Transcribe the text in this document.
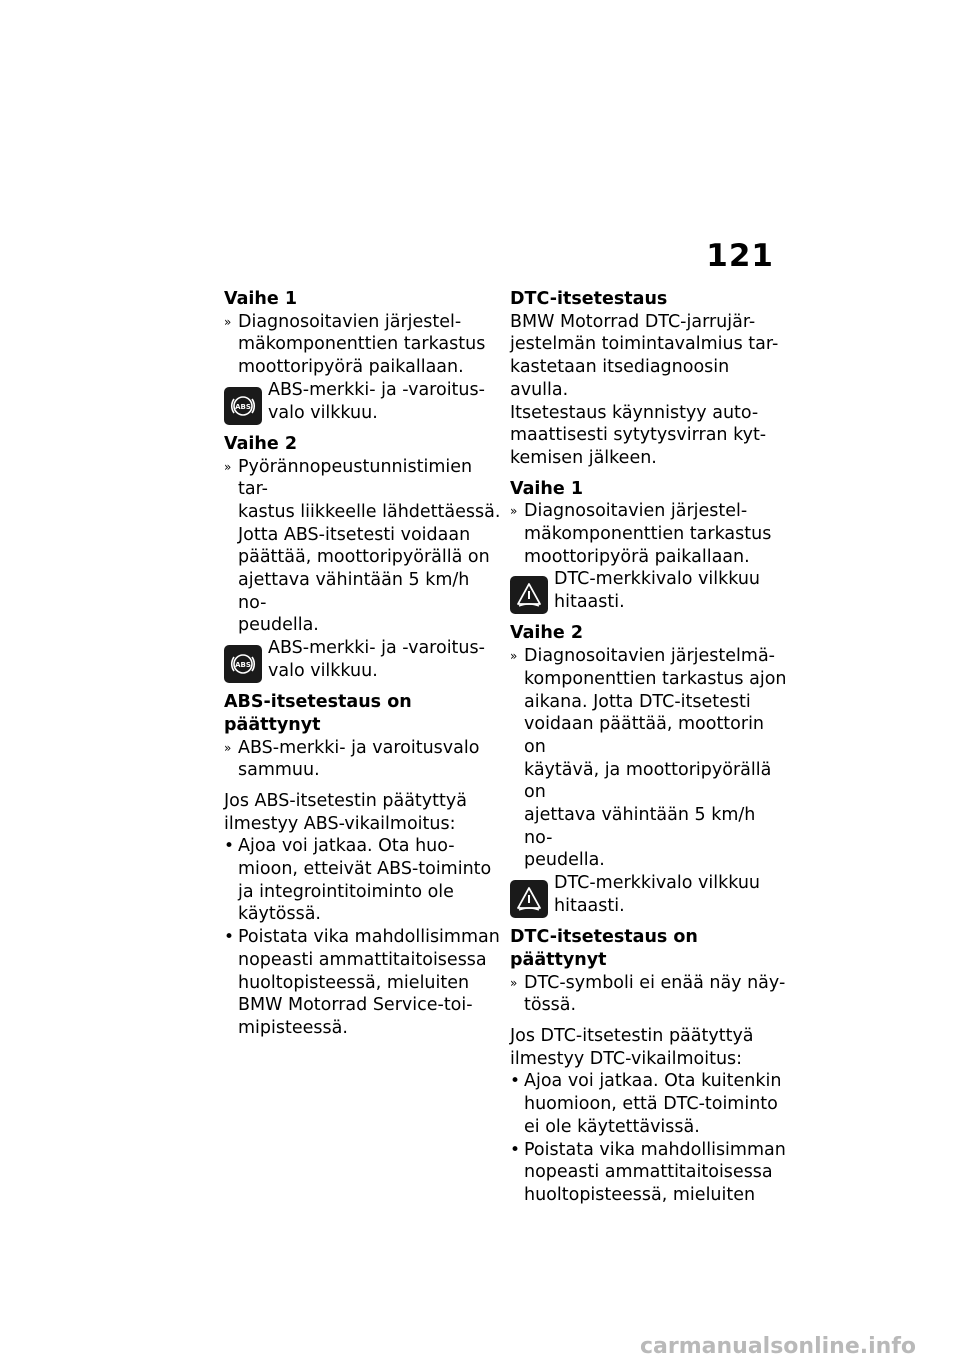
121
Vaihe 1
» Diagnosoitavien järjestel-
mäkomponenttien tarkastus
moottoripyörä paikallaan.
ABS
ABS-merkki- ja -varoitus-
valo vilkkuu.
Vaihe 2
» Pyörännopeustunnistimien tar-
kastus liikkeelle lähdettäessä.
Jotta ABS-itsetesti voidaan
päättää, moottoripyörällä on
ajettava vähintään 5 km/h no-
peudella.
ABS
ABS-merkki- ja -varoitus-
valo vilkkuu.
ABS-itsetestaus on päättynyt
» ABS-merkki- ja varoitusvalo
sammuu.
Jos ABS-itsetestin päätyttyä
ilmestyy ABS-vikailmoitus:
• Ajoa voi jatkaa. Ota huo-
mioon, etteivät ABS-toiminto
ja integrointitoiminto ole
käytössä.
• Poistata vika mahdollisimman
nopeasti ammattitaitoisessa
huoltopisteessä, mieluiten
BMW Motorrad Service-toi-
mipisteessä.
DTC-itsetestaus
BMW Motorrad DTC-jarrujär-
jestelmän toimintavalmius tar-
kastetaan itsediagnoosin avulla.
Itsetestaus käynnistyy auto-
maattisesti sytytysvirran kyt-
kemisen jälkeen.
Vaihe 1
» Diagnosoitavien järjestel-
mäkomponenttien tarkastus
moottoripyörä paikallaan.
DTC-merkkivalo vilkkuu
hitaasti.
Vaihe 2
» Diagnosoitavien järjestelmä-
komponenttien tarkastus ajon
aikana. Jotta DTC-itsetesti
voidaan päättää, moottorin on
käytävä, ja moottoripyörällä on
ajettava vähintään 5 km/h no-
peudella.
DTC-merkkivalo vilkkuu
hitaasti.
DTC-itsetestaus on päättynyt
» DTC-symboli ei enää näy näy-
tössä.
Jos DTC-itsetestin päätyttyä
ilmestyy DTC-vikailmoitus:
• Ajoa voi jatkaa. Ota kuitenkin
huomioon, että DTC-toiminto
ei ole käytettävissä.
• Poistata vika mahdollisimman
nopeasti ammattitaitoisessa
huoltopisteessä, mieluiten
carmanualsonline.info
